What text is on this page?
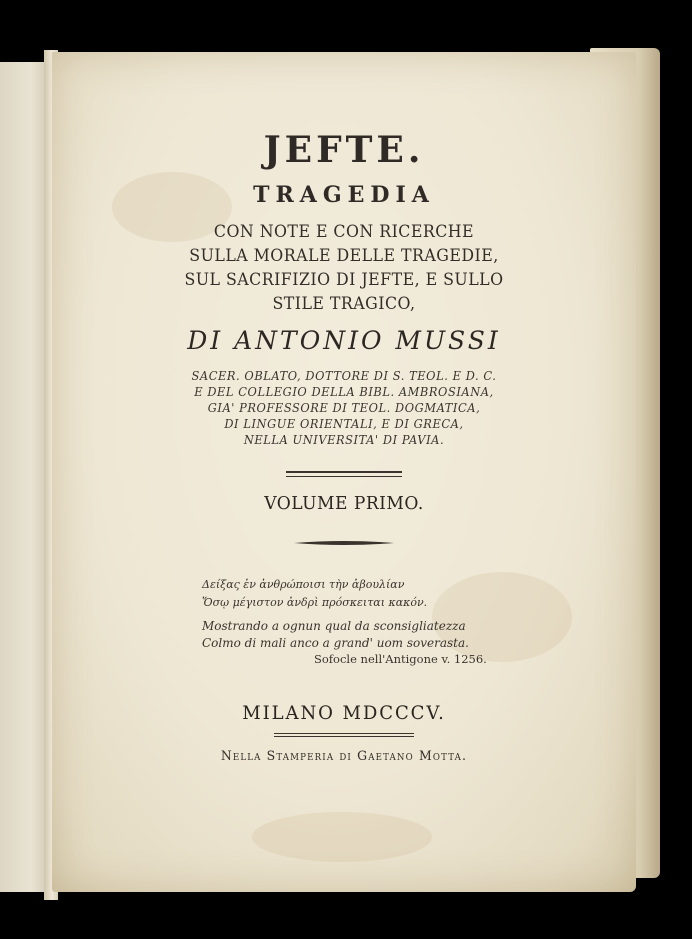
JEFTE.
TRAGEDIA
CON NOTE E CON RICERCHE
SULLA MORALE DELLE TRAGEDIE,
SUL SACRIFIZIO DI JEFTE, E SULLO
STILE TRAGICO,
DI ANTONIO MUSSI
SACER. OBLATO, DOTTORE DI S. TEOL. E D. C.
E DEL COLLEGIO DELLA BIBL. AMBROSIANA,
GIA' PROFESSORE DI TEOL. DOGMATICA,
DI LINGUE ORIENTALI, E DI GRECA,
NELLA UNIVERSITA' DI PAVIA.
VOLUME PRIMO.
Δείξας ἐν ἀνθρώποισι τὴν ἀβουλίαν
Ὅσῳ μέγιστον ἀνδρὶ πρόσκειται κακόν.
Mostrando a ognun qual da sconsigliatezza
Colmo di mali anco a grand' uom soverasta.
Sofocle nell'Antigone v. 1256.
MILANO MDCCCV.
Nella Stamperia di Gaetano Motta.
